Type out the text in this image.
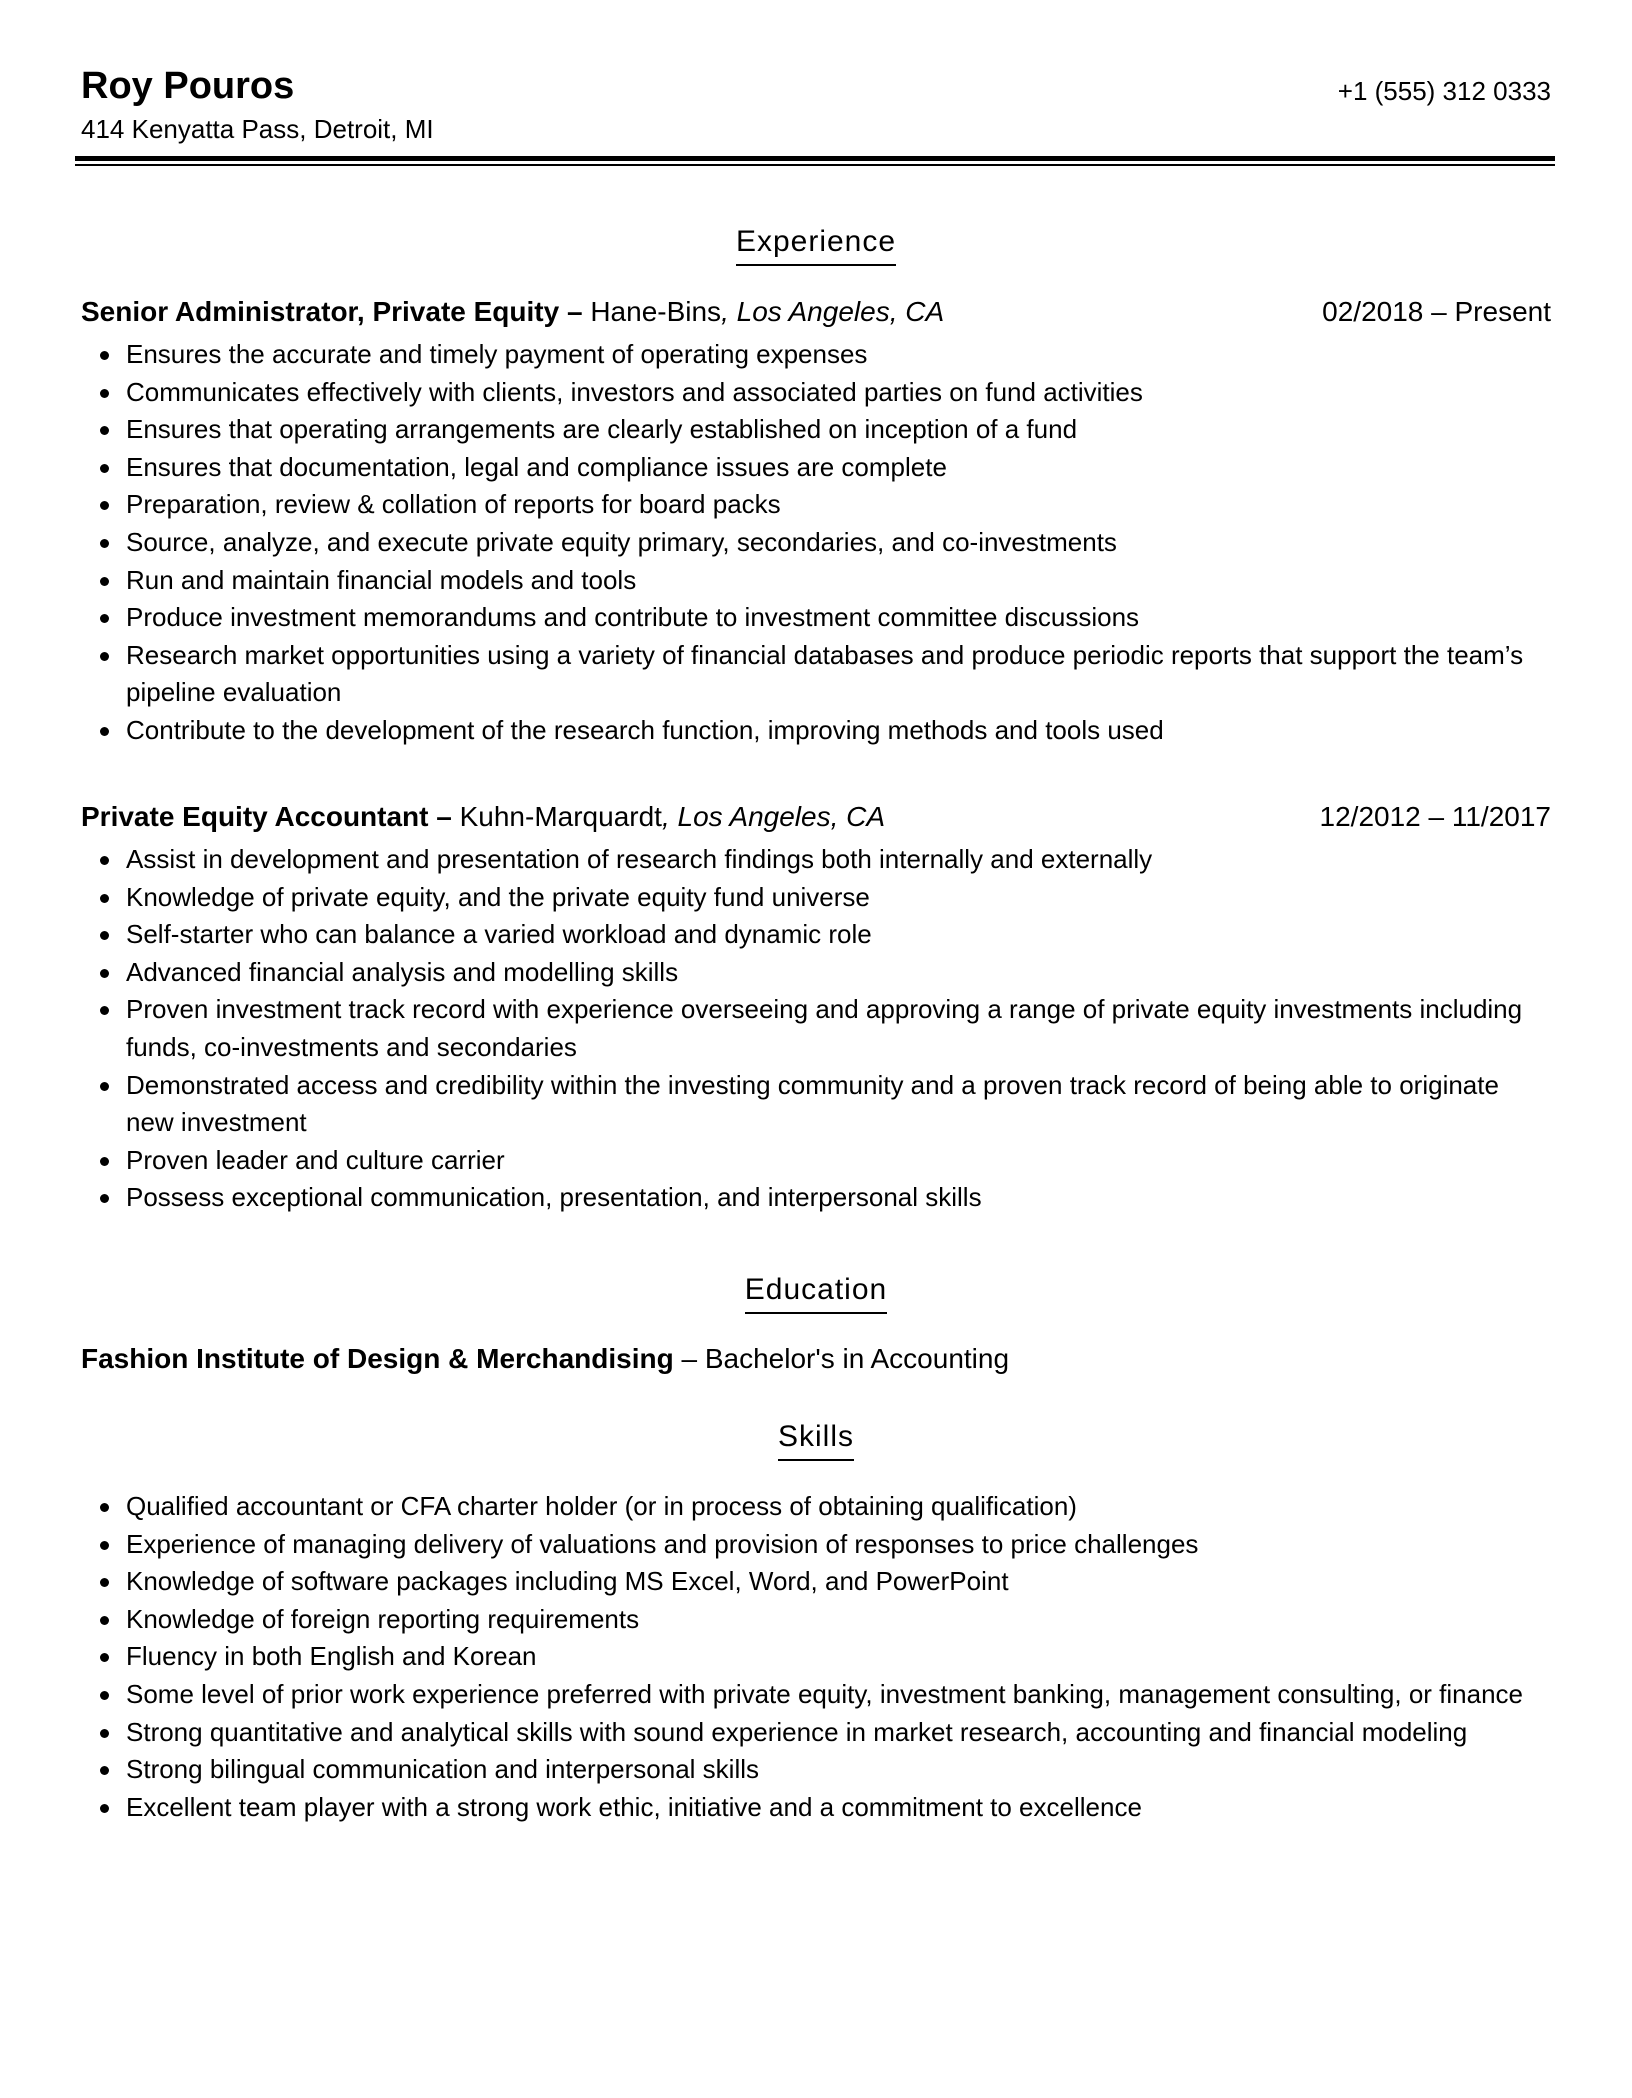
Roy Pouros
414 Kenyatta Pass, Detroit, MI
+1 (555) 312 0333
Experience
Senior Administrator, Private Equity – Hane-Bins, Los Angeles, CA	02/2018 – Present
Ensures the accurate and timely payment of operating expenses
Communicates effectively with clients, investors and associated parties on fund activities
Ensures that operating arrangements are clearly established on inception of a fund
Ensures that documentation, legal and compliance issues are complete
Preparation, review & collation of reports for board packs
Source, analyze, and execute private equity primary, secondaries, and co-investments
Run and maintain financial models and tools
Produce investment memorandums and contribute to investment committee discussions
Research market opportunities using a variety of financial databases and produce periodic reports that support the team’s pipeline evaluation
Contribute to the development of the research function, improving methods and tools used
Private Equity Accountant – Kuhn-Marquardt, Los Angeles, CA	12/2012 – 11/2017
Assist in development and presentation of research findings both internally and externally
Knowledge of private equity, and the private equity fund universe
Self-starter who can balance a varied workload and dynamic role
Advanced financial analysis and modelling skills
Proven investment track record with experience overseeing and approving a range of private equity investments including funds, co-investments and secondaries
Demonstrated access and credibility within the investing community and a proven track record of being able to originate new investment
Proven leader and culture carrier
Possess exceptional communication, presentation, and interpersonal skills
Education
Fashion Institute of Design & Merchandising – Bachelor's in Accounting
Skills
Qualified accountant or CFA charter holder (or in process of obtaining qualification)
Experience of managing delivery of valuations and provision of responses to price challenges
Knowledge of software packages including MS Excel, Word, and PowerPoint
Knowledge of foreign reporting requirements
Fluency in both English and Korean
Some level of prior work experience preferred with private equity, investment banking, management consulting, or finance
Strong quantitative and analytical skills with sound experience in market research, accounting and financial modeling
Strong bilingual communication and interpersonal skills
Excellent team player with a strong work ethic, initiative and a commitment to excellence
